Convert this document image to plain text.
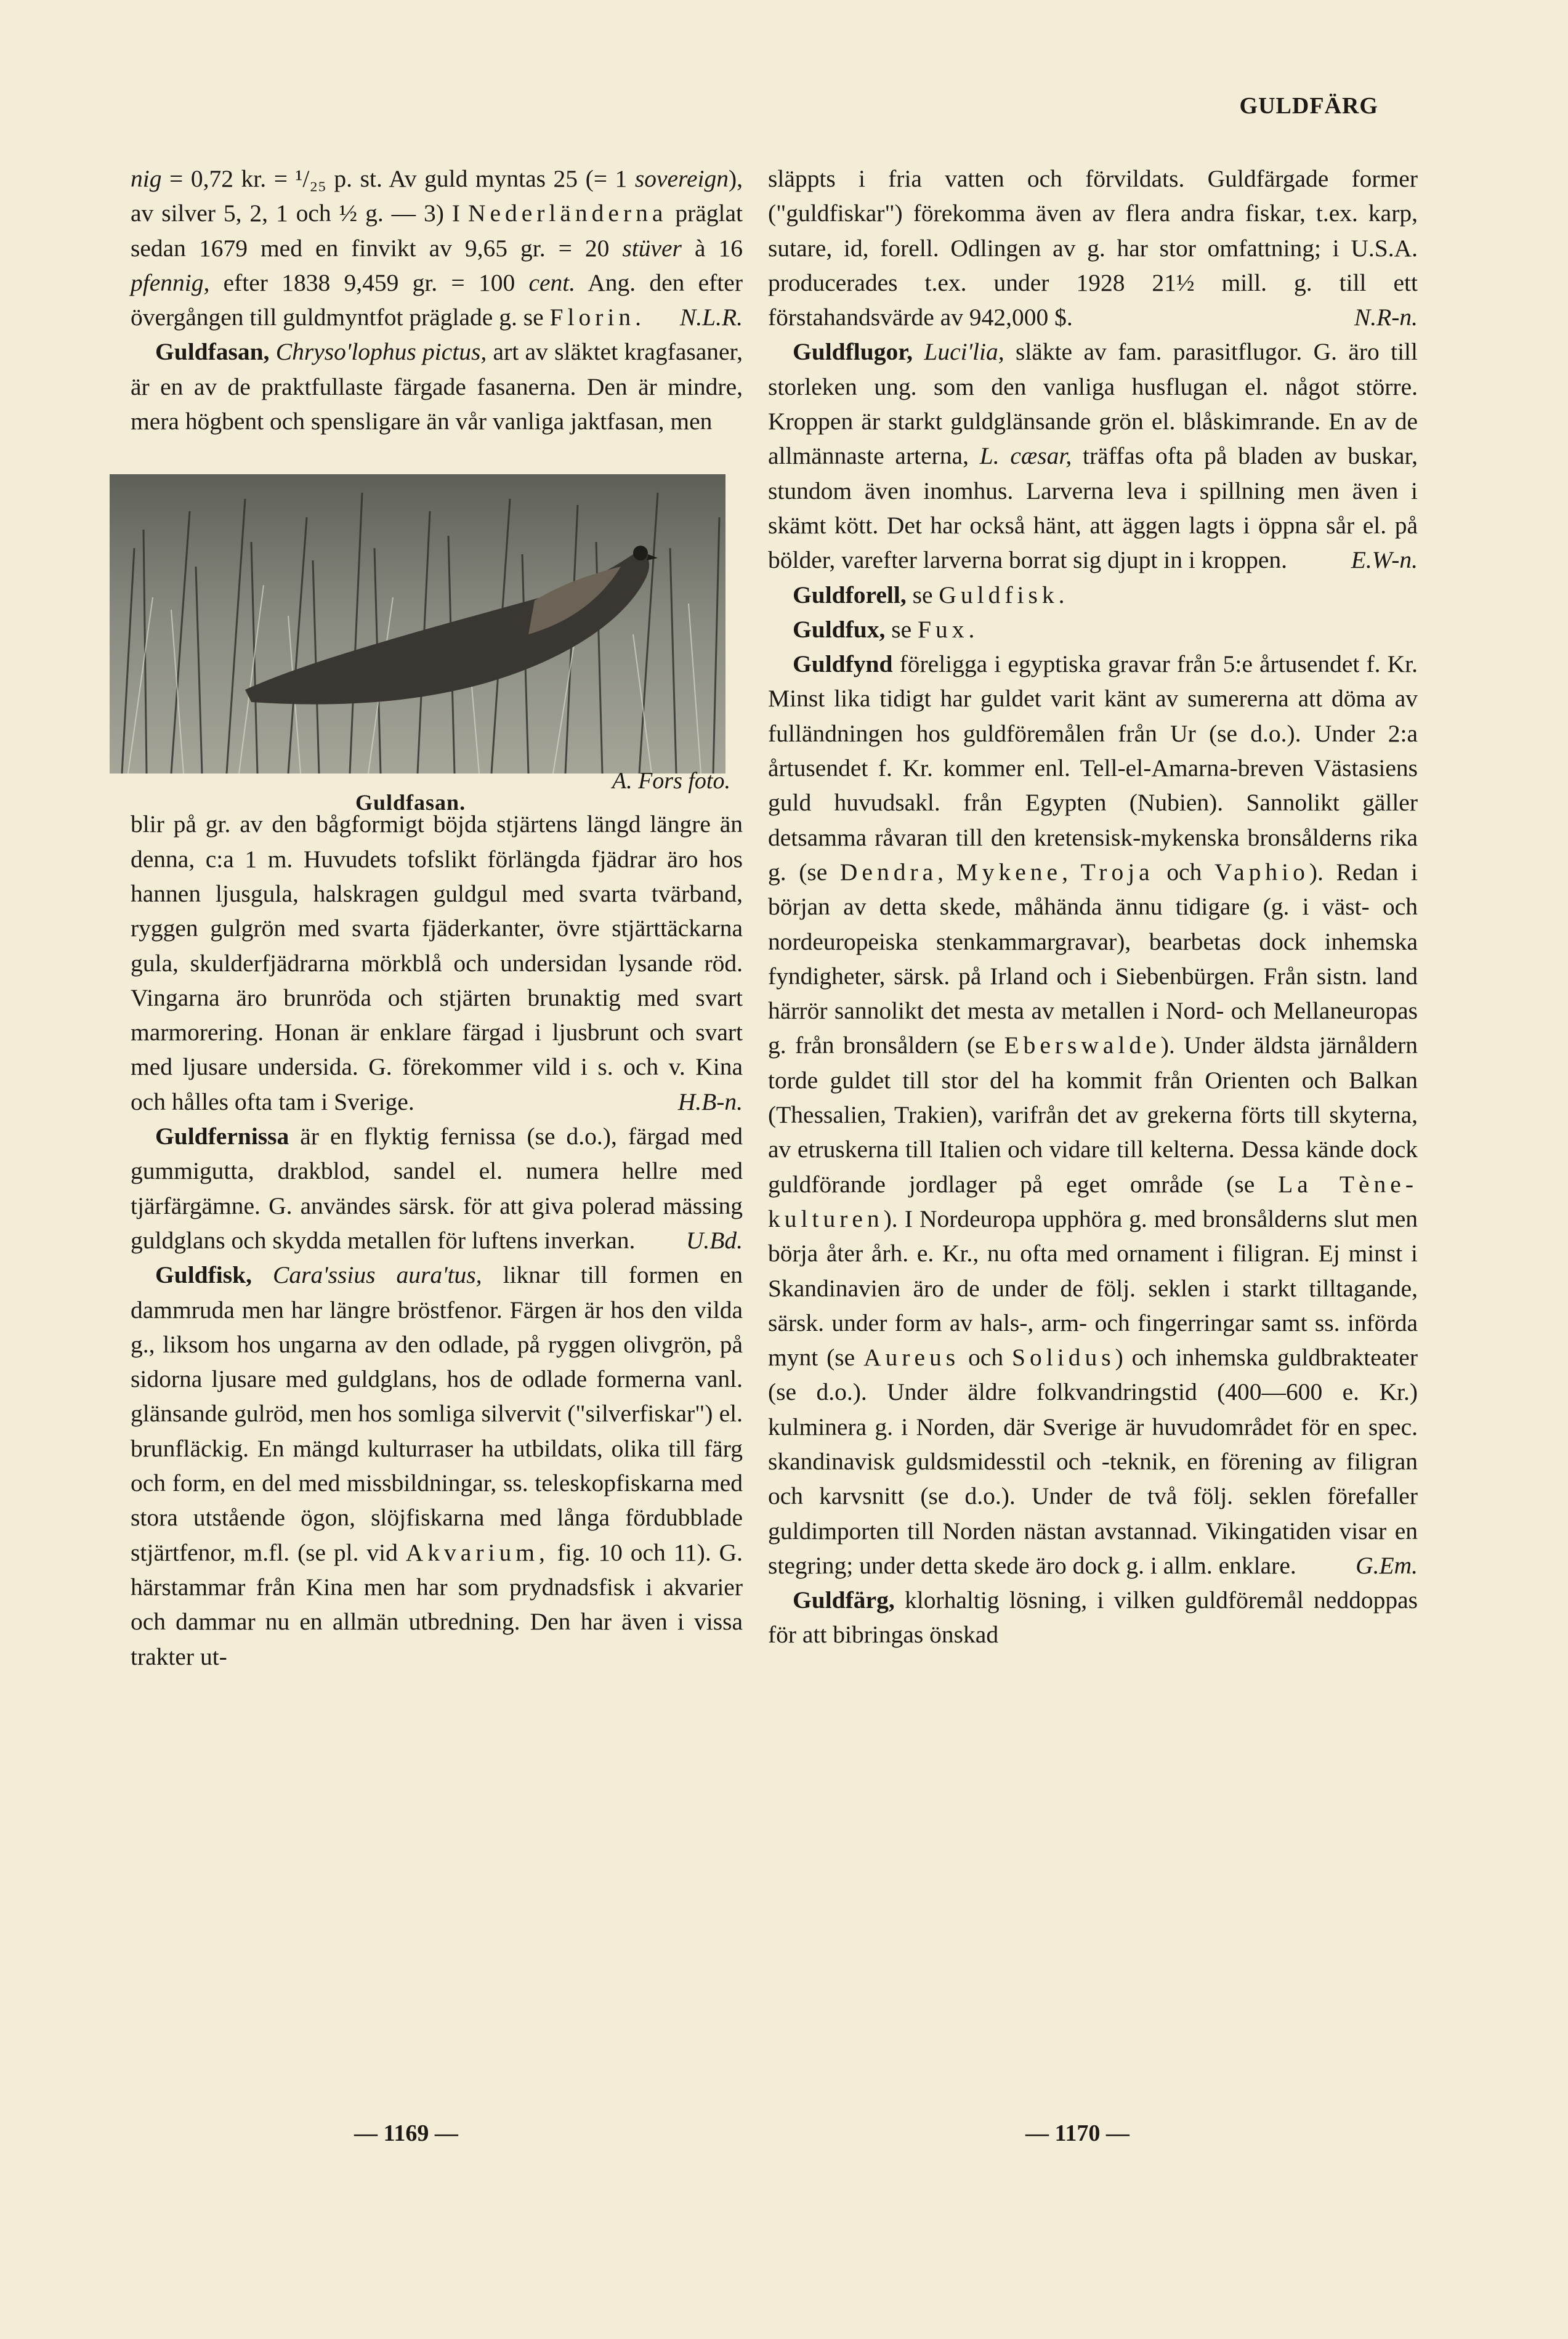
GULDFÄRG

nig = 0,72 kr. = ¹/₂₅ p. st. Av guld myntas 25 (= 1 sovereign), av silver 5, 2, 1 och ½ g. — 3) I Nederländerna präglat sedan 1679 med en finvikt av 9,65 gr. = 20 stüver à 16 pfennig, efter 1838 9,459 gr. = 100 cent. Ang. den efter övergången till guldmyntfot präglade g. se Florin. N.L.R.

Guldfasan, Chryso'lophus pictus, art av släktet kragfasaner, är en av de praktfullaste färgade fasanerna. Den är mindre, mera högbent och spensligare än vår vanliga jaktfasan, men

Guldfasan.
A. Fors foto.

blir på gr. av den bågformigt böjda stjärtens längd längre än denna, c:a 1 m. Huvudets tofslikt förlängda fjädrar äro hos hannen ljusgula, halskragen guldgul med svarta tvärband, ryggen gulgrön med svarta fjäderkanter, övre stjärttäckarna gula, skulderfjädrarna mörkblå och undersidan lysande röd. Vingarna äro brunröda och stjärten brunaktig med svart marmorering. Honan är enklare färgad i ljusbrunt och svart med ljusare undersida. G. förekommer vild i s. och v. Kina och hålles ofta tam i Sverige.	H.B-n.

Guldfernissa är en flyktig fernissa (se d.o.), färgad med gummigutta, drakblod, sandel el. numera hellre med tjärfärgämne. G. användes särsk. för att giva polerad mässing guldglans och skydda metallen för luftens inverkan. U.Bd.

Guldfisk, Cara'ssius aura'tus, liknar till formen en dammruda men har längre bröstfenor. Färgen är hos den vilda g., liksom hos ungarna av den odlade, på ryggen olivgrön, på sidorna ljusare med guldglans, hos de odlade formerna vanl. glänsande gulröd, men hos somliga silvervit ("silverfiskar") el. brunfläckig. En mängd kulturraser ha utbildats, olika till färg och form, en del med missbildningar, ss. teleskopfiskarna med stora utstående ögon, slöjfiskarna med långa fördubblade stjärtfenor, m.fl. (se pl. vid Akvarium, fig. 10 och 11). G. härstammar från Kina men har som prydnadsfisk i akvarier och dammar nu en allmän utbredning. Den har även i vissa trakter ut-

släppts i fria vatten och förvildats. Guldfärgade former ("guldfiskar") förekomma även av flera andra fiskar, t.ex. karp, sutare, id, forell. Odlingen av g. har stor omfattning; i U.S.A. producerades t.ex. under 1928 21½ mill. g. till ett förstahandsvärde av 942,000 $.	N.R-n.

Guldflugor, Luci'lia, släkte av fam. parasitflugor. G. äro till storleken ung. som den vanliga husflugan el. något större. Kroppen är starkt guldglänsande grön el. blåskimrande. En av de allmännaste arterna, L. cæsar, träffas ofta på bladen av buskar, stundom även inomhus. Larverna leva i spillning men även i skämt kött. Det har också hänt, att äggen lagts i öppna sår el. på bölder, varefter larverna borrat sig djupt in i kroppen.	E.W-n.

Guldforell, se Guldfisk.

Guldfux, se Fux.

Guldfynd föreligga i egyptiska gravar från 5:e årtusendet f. Kr. Minst lika tidigt har guldet varit känt av sumererna att döma av fulländningen hos guldföremålen från Ur (se d.o.). Under 2:a årtusendet f. Kr. kommer enl. Tell-el-Amarna-breven Västasiens guld huvudsakl. från Egypten (Nubien). Sannolikt gäller detsamma råvaran till den kretensisk-mykenska bronsålderns rika g. (se Dendra, Mykene, Troja och Vaphio). Redan i början av detta skede, måhända ännu tidigare (g. i väst- och nordeuropeiska stenkammargravar), bearbetas dock inhemska fyndigheter, särsk. på Irland och i Siebenbürgen. Från sistn. land härrör sannolikt det mesta av metallen i Nord- och Mellaneuropas g. från bronsåldern (se Eberswalde). Under äldsta järnåldern torde guldet till stor del ha kommit från Orienten och Balkan (Thessalien, Trakien), varifrån det av grekerna förts till skyterna, av etruskerna till Italien och vidare till kelterna. Dessa kände dock guldförande jordlager på eget område (se La Tène-kulturen). I Nordeuropa upphöra g. med bronsålderns slut men börja åter årh. e. Kr., nu ofta med ornament i filigran. Ej minst i Skandinavien äro de under de följ. seklen i starkt tilltagande, särsk. under form av hals-, arm- och fingerringar samt ss. införda mynt (se Aureus och Solidus) och inhemska guldbrakteater (se d.o.). Under äldre folkvandringstid (400—600 e. Kr.) kulminera g. i Norden, där Sverige är huvudområdet för en spec. skandinavisk guldsmidesstil och -teknik, en förening av filigran och karvsnitt (se d.o.). Under de två följ. seklen förefaller guldimporten till Norden nästan avstannad. Vikingatiden visar en stegring; under detta skede äro dock g. i allm. enklare. G.Em.

Guldfärg, klorhaltig lösning, i vilken guldföremål neddoppas för att bibringas önskad

— 1169 —	— 1170 —
